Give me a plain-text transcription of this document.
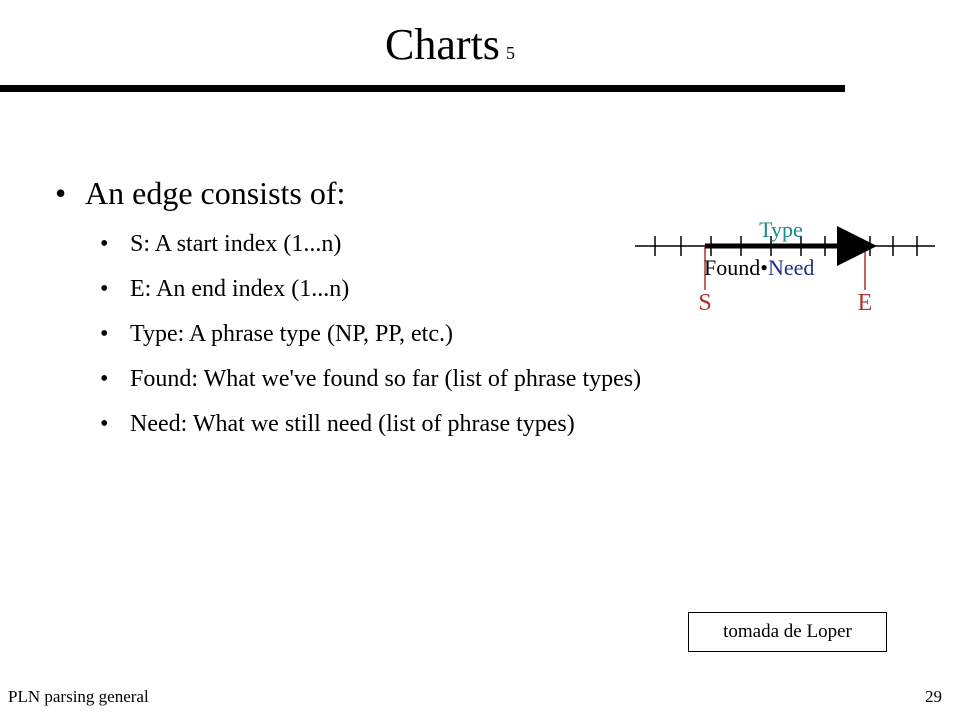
Charts 5
• An edge consists of:
• S: A start index (1...n)
• E: An end index (1...n)
• Type: A phrase type (NP, PP, etc.)
• Found: What we've found so far (list of phrase types)
• Need: What we still need (list of phrase types)
Type
Found•Need
S	E
tomada de Loper
PLN parsing general	29
